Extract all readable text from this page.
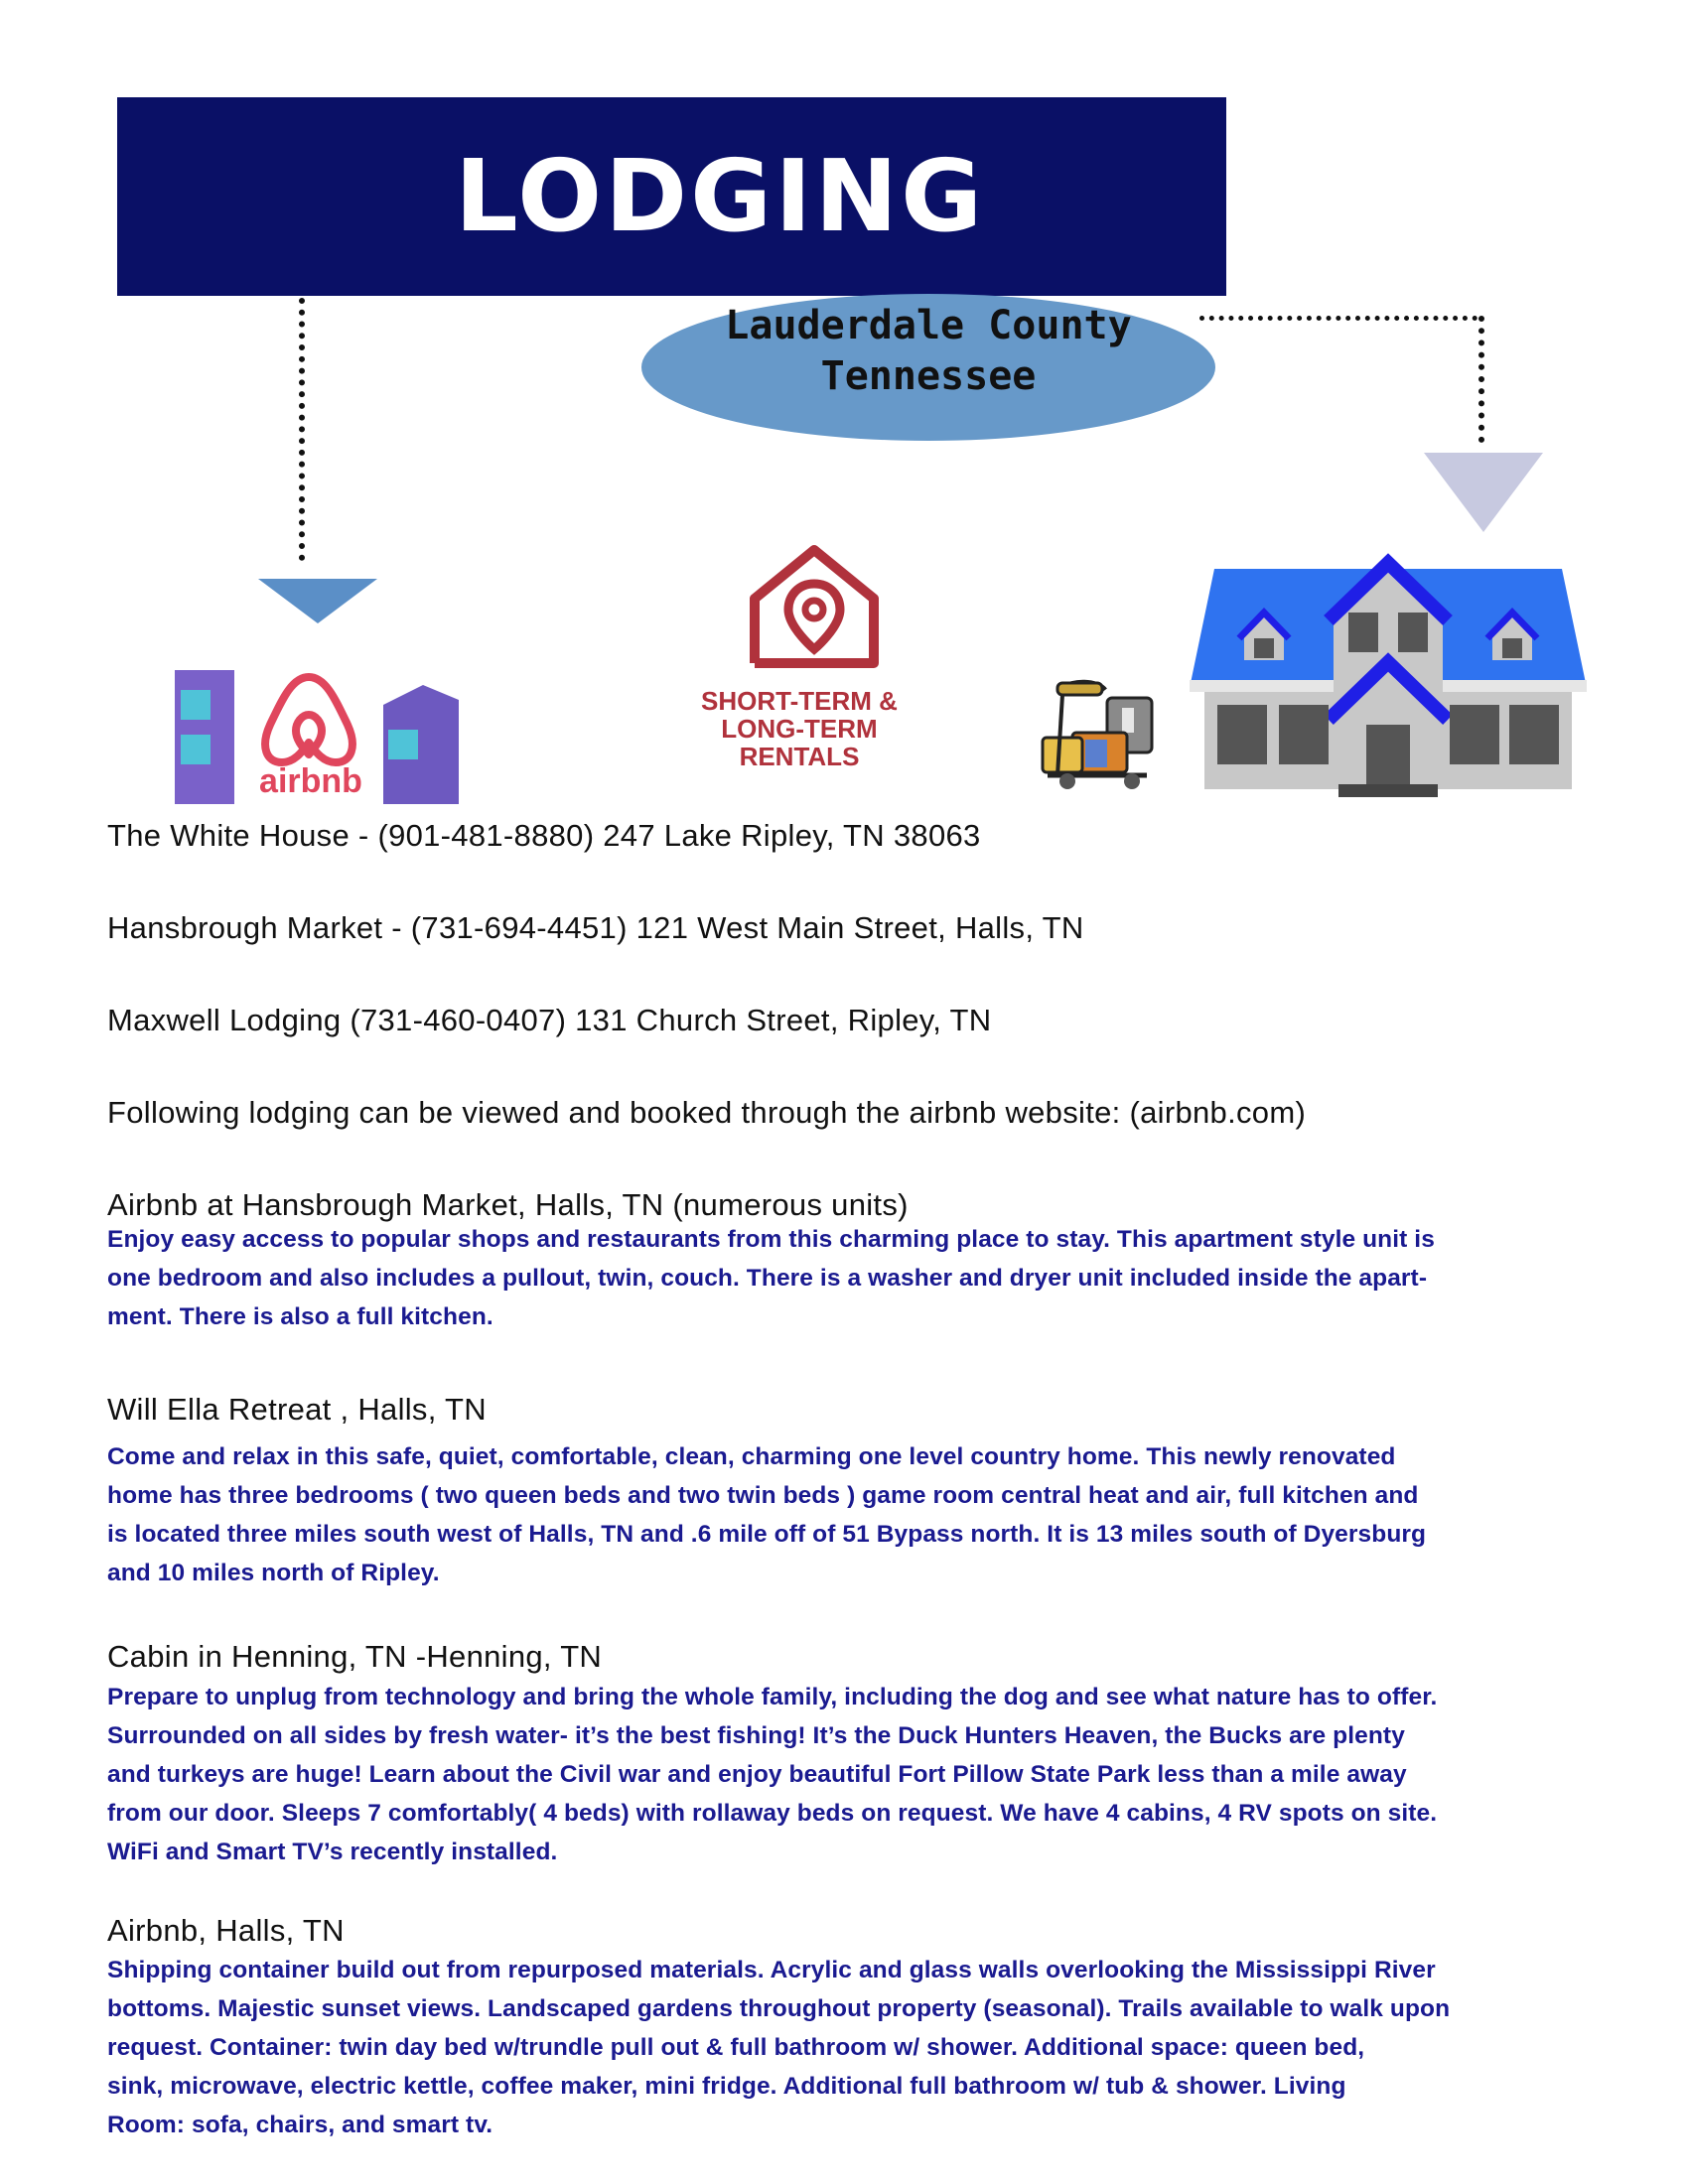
LODGING
Lauderdale County
Tennessee
airbnb
SHORT-TERM &
LONG-TERM
RENTALS
The White House - (901-481-8880) 247 Lake Ripley, TN 38063
Hansbrough Market - (731-694-4451) 121 West Main Street, Halls, TN
Maxwell Lodging (731-460-0407) 131 Church Street, Ripley, TN
Following lodging can be viewed and booked through the airbnb website: (airbnb.com)
Airbnb at Hansbrough Market, Halls, TN (numerous units)
Enjoy easy access to popular shops and restaurants from this charming place to stay. This apartment style unit is
one bedroom and also includes a pullout, twin, couch. There is a washer and dryer unit included inside the apart-
ment. There is also a full kitchen.
Will Ella Retreat , Halls, TN
Come and relax in this safe, quiet, comfortable, clean, charming one level country home. This newly renovated
home has three bedrooms ( two queen beds and two twin beds ) game room central heat and air, full kitchen and
is located three miles south west of Halls, TN and .6 mile off of 51 Bypass north. It is 13 miles south of Dyersburg
and 10 miles north of Ripley.
Cabin in Henning, TN -Henning, TN
Prepare to unplug from technology and bring the whole family, including the dog and see what nature has to offer.
Surrounded on all sides by fresh water- it’s the best fishing! It’s the Duck Hunters Heaven, the Bucks are plenty
and turkeys are huge! Learn about the Civil war and enjoy beautiful Fort Pillow State Park less than a mile away
from our door. Sleeps 7 comfortably( 4 beds) with rollaway beds on request. We have 4 cabins, 4 RV spots on site.
WiFi and Smart TV’s recently installed.
Airbnb, Halls, TN
Shipping container build out from repurposed materials. Acrylic and glass walls overlooking the Mississippi River
bottoms. Majestic sunset views. Landscaped gardens throughout property (seasonal). Trails available to walk upon
request. Container: twin day bed w/trundle pull out & full bathroom w/ shower. Additional space: queen bed,
sink, microwave, electric kettle, coffee maker, mini fridge. Additional full bathroom w/ tub & shower. Living
Room: sofa, chairs, and smart tv.
